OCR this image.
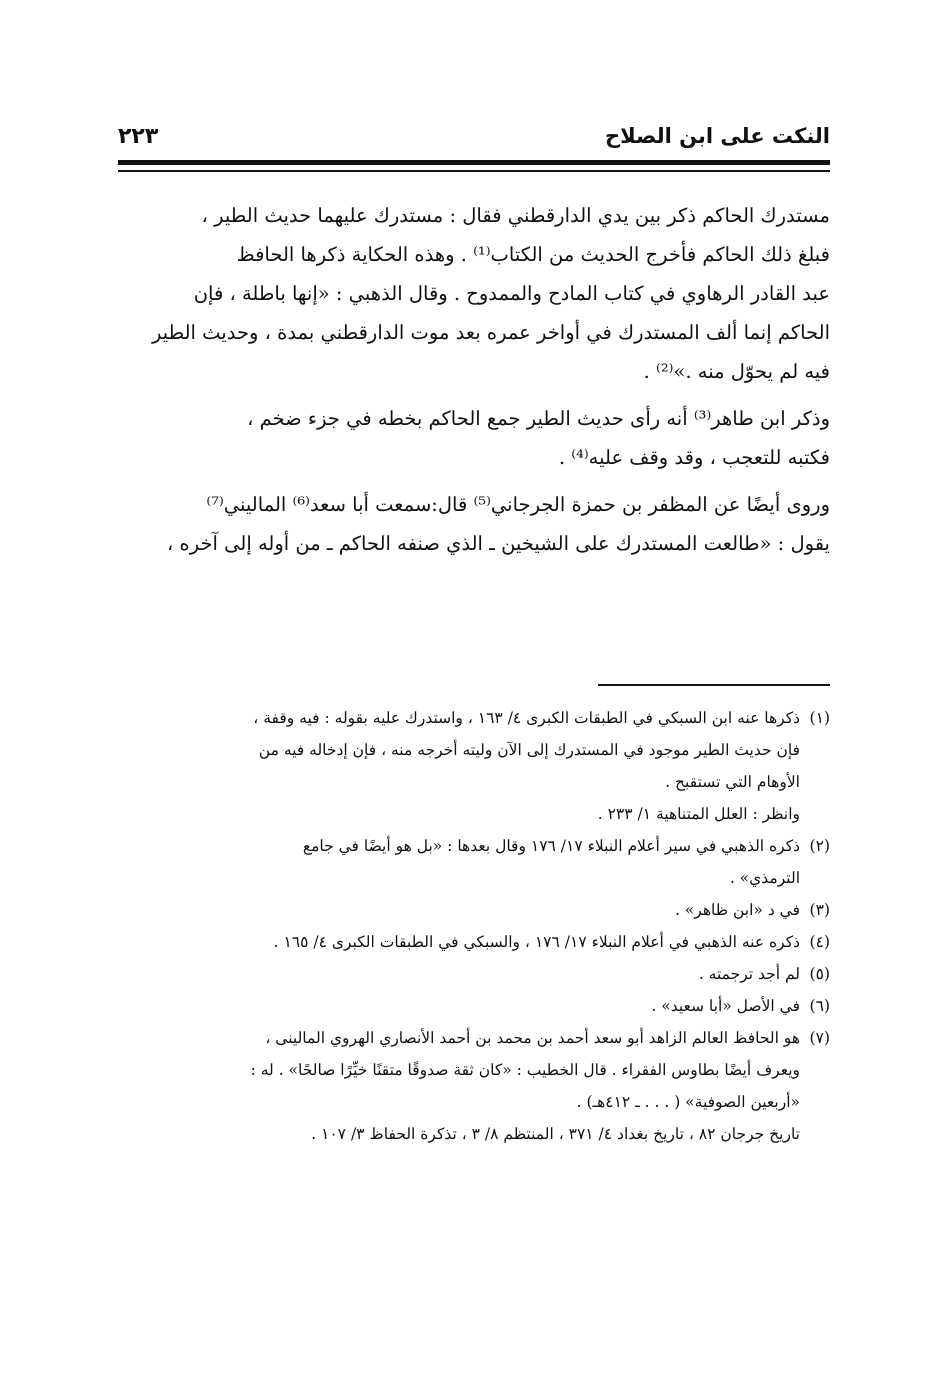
النكت على ابن الصلاح
٢٢٣
مستدرك الحاكم ذكر بين يدي الدارقطني فقال : مستدرك عليهما حديث الطير ،
فبلغ ذلك الحاكم فأخرج الحديث من الكتاب⁽¹⁾ . وهذه الحكاية ذكرها الحافظ
عبد القادر الرهاوي في كتاب المادح والممدوح . وقال الذهبي : «إنها باطلة ، فإن
الحاكم إنما ألف المستدرك في أواخر عمره بعد موت الدارقطني بمدة ، وحديث الطير
فيه لم يحوّل منه .»⁽²⁾ .
وذكر ابن طاهر⁽³⁾ أنه رأى حديث الطير جمع الحاكم بخطه في جزء ضخم ،
فكتبه للتعجب ، وقد وقف عليه⁽⁴⁾ .
وروى أيضًا عن المظفر بن حمزة الجرجاني⁽⁵⁾ قال:سمعت أبا سعد⁽⁶⁾ الماليني⁽⁷⁾
يقول : «طالعت المستدرك على الشيخين ـ الذي صنفه الحاكم ـ من أوله إلى آخره ،
(١)
ذكرها عنه ابن السبكي في الطبقات الكبرى ٤/ ١٦٣ ، واستدرك عليه بقوله : فيه وقفة ،
فإن حديث الطير موجود في المستدرك إلى الآن وليته أخرجه منه ، فإن إدخاله فيه من
الأوهام التي تستقبح .
وانظر : العلل المتناهية ١/ ٢٣٣ .
(٢)
ذكره الذهبي في سير أعلام النبلاء ١٧/ ١٧٦ وقال بعدها : «بل هو أيضًا في جامع
الترمذي» .
(٣)
في د «ابن ظاهر» .
(٤)
ذكره عنه الذهبي في أعلام النبلاء ١٧/ ١٧٦ ، والسبكي في الطبقات الكبرى ٤/ ١٦٥ .
(٥)
لم أجد ترجمته .
(٦)
في الأصل «أبا سعيد» .
(٧)
هو الحافظ العالم الزاهد أبو سعد أحمد بن محمد بن أحمد الأنصاري الهروي المالينى ،
ويعرف أيضًا بطاوس الفقراء . قال الخطيب : «كان ثقة صدوقًا متقنًا خيِّرًا صالحًا» . له :
«أربعين الصوفية» ( . . . ـ ٤١٢هـ) .
تاريخ جرجان ٨٢ ، تاريخ بغداد ٤/ ٣٧١ ، المنتظم ٨/ ٣ ، تذكرة الحفاظ ٣/ ١٠٧ .
